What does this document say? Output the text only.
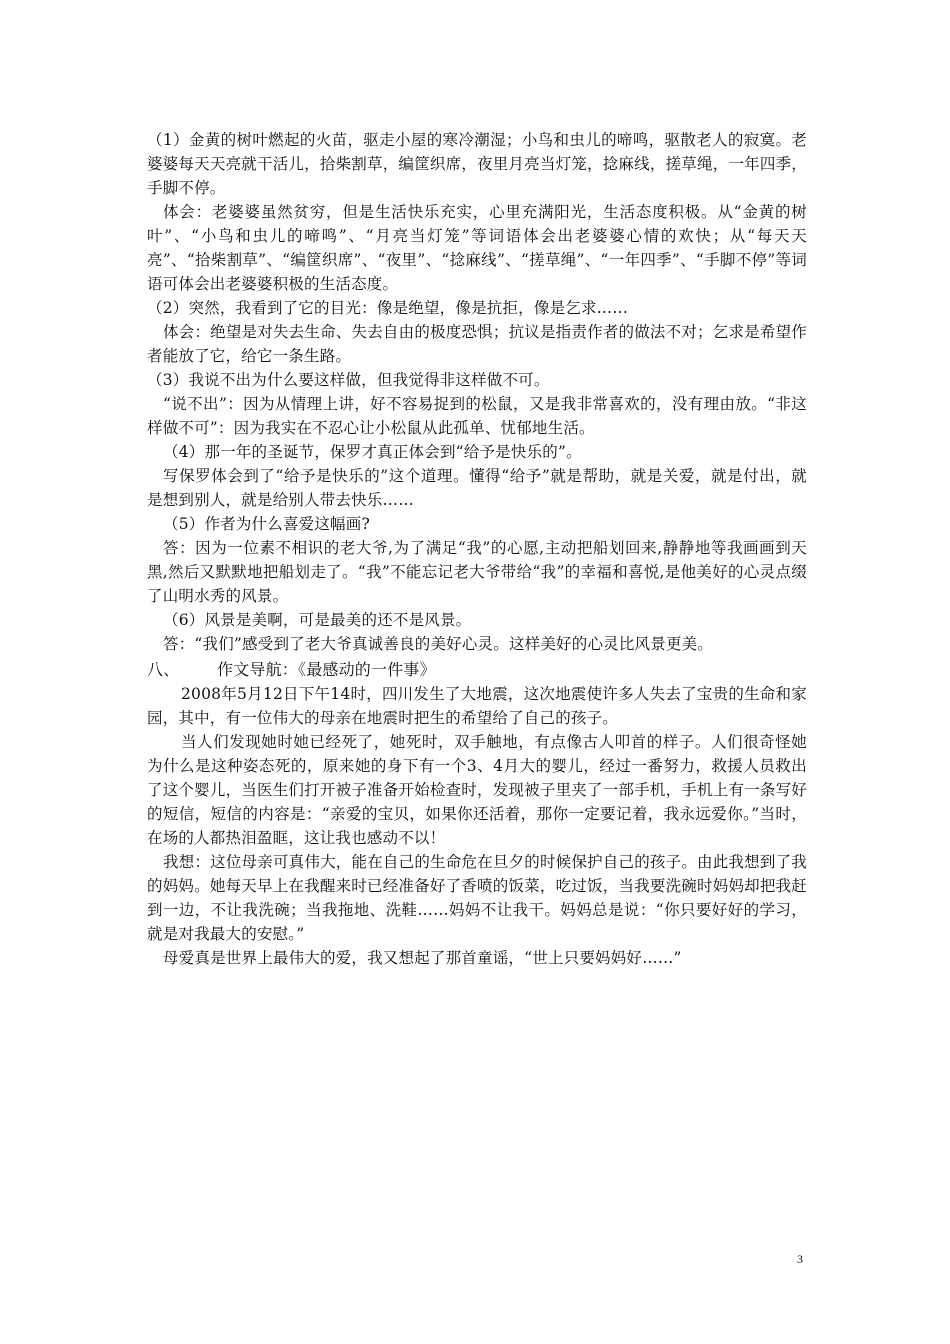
（1）金黄的树叶燃起的火苗，驱走小屋的寒冷潮湿；小鸟和虫儿的啼鸣，驱散老人的寂寞。老婆婆每天天亮就干活儿，拾柴割草，编筐织席，夜里月亮当灯笼，捻麻线，搓草绳，一年四季，手脚不停。

体会：老婆婆虽然贫穷，但是生活快乐充实，心里充满阳光，生活态度积极。从“金黄的树叶”、“小鸟和虫儿的啼鸣”、“月亮当灯笼”等词语体会出老婆婆心情的欢快；从“每天天亮”、“拾柴割草”、“编筐织席”、“夜里”、“捻麻线”、“搓草绳”、“一年四季”、“手脚不停”等词语可体会出老婆婆积极的生活态度。

（2）突然，我看到了它的目光：像是绝望，像是抗拒，像是乞求……

体会：绝望是对失去生命、失去自由的极度恐惧；抗议是指责作者的做法不对；乞求是希望作者能放了它，给它一条生路。

（3）我说不出为什么要这样做，但我觉得非这样做不可。

“说不出”：因为从情理上讲，好不容易捉到的松鼠，又是我非常喜欢的，没有理由放。“非这样做不可”：因为我实在不忍心让小松鼠从此孤单、忧郁地生活。

（4）那一年的圣诞节，保罗才真正体会到“给予是快乐的”。

写保罗体会到了“给予是快乐的”这个道理。懂得“给予”就是帮助，就是关爱，就是付出，就是想到别人，就是给别人带去快乐……

（5）作者为什么喜爱这幅画?

答：因为一位素不相识的老大爷,为了满足“我”的心愿,主动把船划回来,静静地等我画画到天黑,然后又默默地把船划走了。“我”不能忘记老大爷带给“我”的幸福和喜悦,是他美好的心灵点缀了山明水秀的风景。

（6）风景是美啊，可是最美的还不是风景。

答：“我们”感受到了老大爷真诚善良的美好心灵。这样美好的心灵比风景更美。

八、 作文导航：《最感动的一件事》

2008年5月12日下午14时，四川发生了大地震，这次地震使许多人失去了宝贵的生命和家园，其中，有一位伟大的母亲在地震时把生的希望给了自己的孩子。

当人们发现她时她已经死了，她死时，双手触地，有点像古人叩首的样子。人们很奇怪她为什么是这种姿态死的，原来她的身下有一个3、4月大的婴儿，经过一番努力，救援人员救出了这个婴儿，当医生们打开被子准备开始检查时，发现被子里夹了一部手机，手机上有一条写好的短信，短信的内容是：“亲爱的宝贝，如果你还活着，那你一定要记着，我永远爱你。”当时，在场的人都热泪盈眶，这让我也感动不以！

我想：这位母亲可真伟大，能在自己的生命危在旦夕的时候保护自己的孩子。由此我想到了我的妈妈。她每天早上在我醒来时已经准备好了香喷的饭菜，吃过饭，当我要洗碗时妈妈却把我赶到一边，不让我洗碗；当我拖地、洗鞋……妈妈不让我干。妈妈总是说：“你只要好好的学习，就是对我最大的安慰。”

母爱真是世界上最伟大的爱，我又想起了那首童谣，“世上只要妈妈好……”

3
